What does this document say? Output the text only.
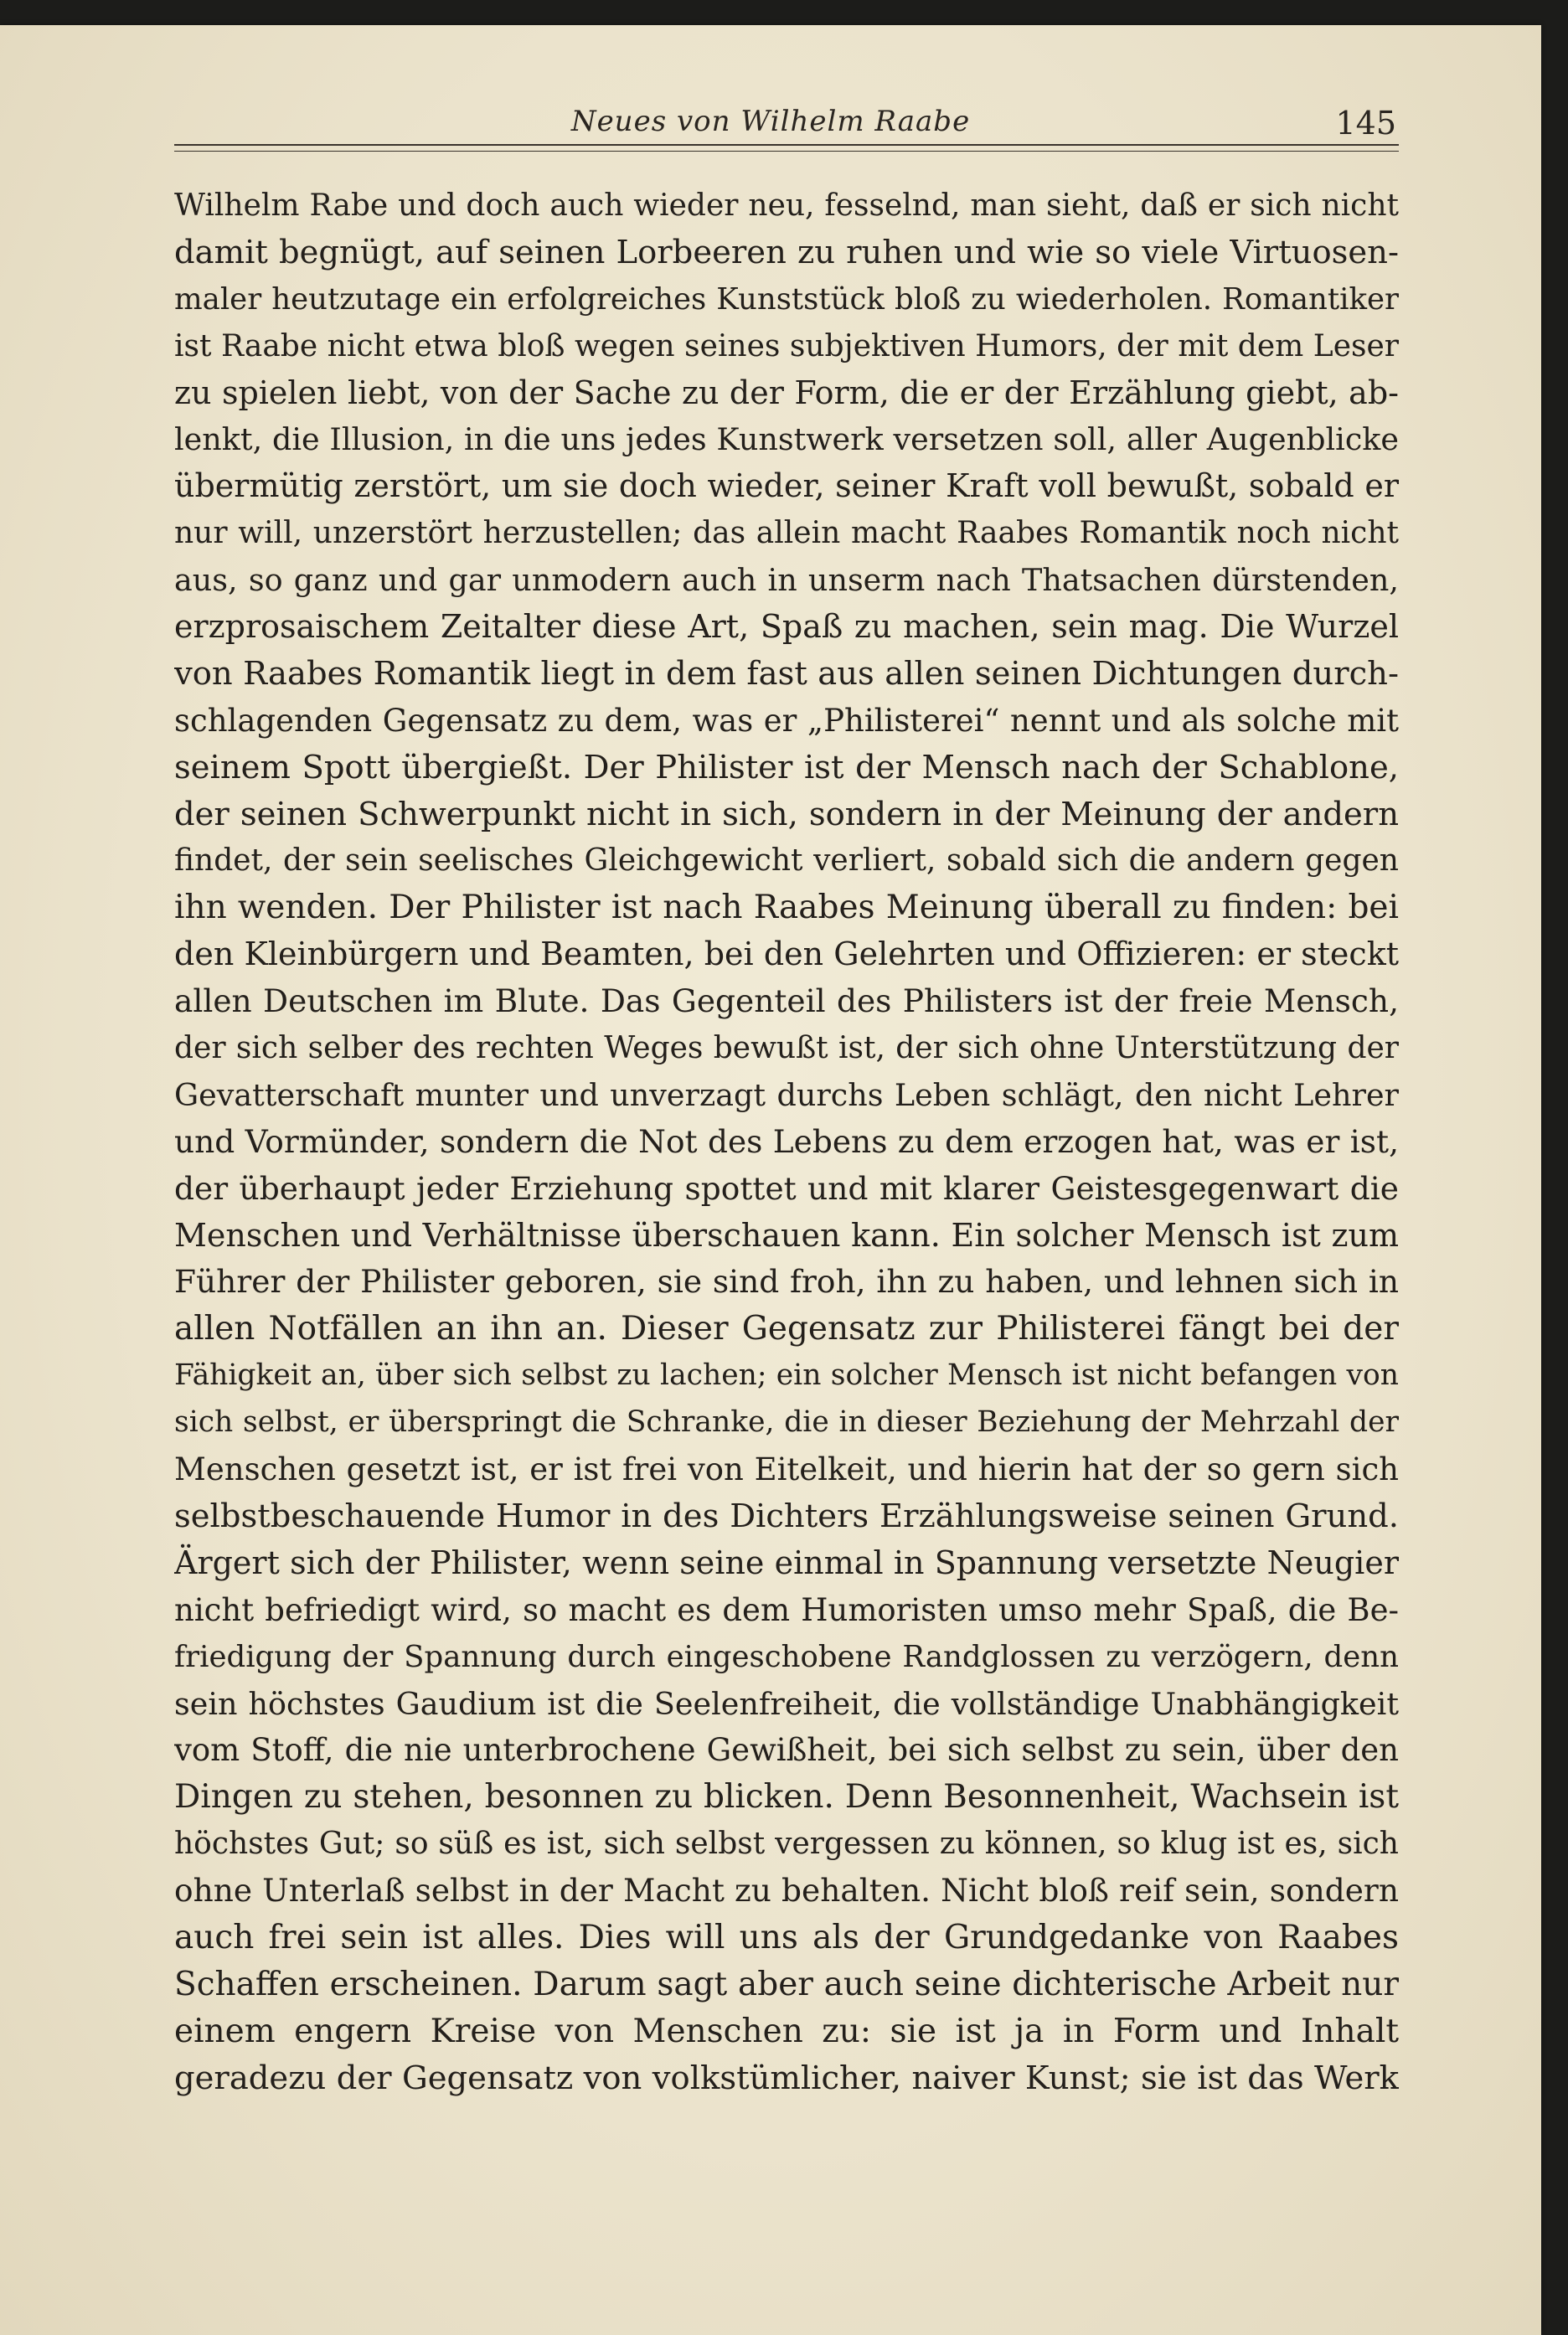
Neues von Wilhelm Raabe	145
Wilhelm Rabe und doch auch wieder neu, fesselnd, man sieht, daß er sich nicht
damit begnügt, auf seinen Lorbeeren zu ruhen und wie so viele Virtuosen-
maler heutzutage ein erfolgreiches Kunststück bloß zu wiederholen. Romantiker
ist Raabe nicht etwa bloß wegen seines subjektiven Humors, der mit dem Leser
zu spielen liebt, von der Sache zu der Form, die er der Erzählung giebt, ab-
lenkt, die Illusion, in die uns jedes Kunstwerk versetzen soll, aller Augenblicke
übermütig zerstört, um sie doch wieder, seiner Kraft voll bewußt, sobald er
nur will, unzerstört herzustellen; das allein macht Raabes Romantik noch nicht
aus, so ganz und gar unmodern auch in unserm nach Thatsachen dürstenden,
erzprosaischem Zeitalter diese Art, Spaß zu machen, sein mag. Die Wurzel
von Raabes Romantik liegt in dem fast aus allen seinen Dichtungen durch-
schlagenden Gegensatz zu dem, was er „Philisterei“ nennt und als solche mit
seinem Spott übergießt. Der Philister ist der Mensch nach der Schablone,
der seinen Schwerpunkt nicht in sich, sondern in der Meinung der andern
findet, der sein seelisches Gleichgewicht verliert, sobald sich die andern gegen
ihn wenden. Der Philister ist nach Raabes Meinung überall zu finden: bei
den Kleinbürgern und Beamten, bei den Gelehrten und Offizieren: er steckt
allen Deutschen im Blute. Das Gegenteil des Philisters ist der freie Mensch,
der sich selber des rechten Weges bewußt ist, der sich ohne Unterstützung der
Gevatterschaft munter und unverzagt durchs Leben schlägt, den nicht Lehrer
und Vormünder, sondern die Not des Lebens zu dem erzogen hat, was er ist,
der überhaupt jeder Erziehung spottet und mit klarer Geistesgegenwart die
Menschen und Verhältnisse überschauen kann. Ein solcher Mensch ist zum
Führer der Philister geboren, sie sind froh, ihn zu haben, und lehnen sich in
allen Notfällen an ihn an. Dieser Gegensatz zur Philisterei fängt bei der
Fähigkeit an, über sich selbst zu lachen; ein solcher Mensch ist nicht befangen von
sich selbst, er überspringt die Schranke, die in dieser Beziehung der Mehrzahl der
Menschen gesetzt ist, er ist frei von Eitelkeit, und hierin hat der so gern sich
selbstbeschauende Humor in des Dichters Erzählungsweise seinen Grund.
Ärgert sich der Philister, wenn seine einmal in Spannung versetzte Neugier
nicht befriedigt wird, so macht es dem Humoristen umso mehr Spaß, die Be-
friedigung der Spannung durch eingeschobene Randglossen zu verzögern, denn
sein höchstes Gaudium ist die Seelenfreiheit, die vollständige Unabhängigkeit
vom Stoff, die nie unterbrochene Gewißheit, bei sich selbst zu sein, über den
Dingen zu stehen, besonnen zu blicken. Denn Besonnenheit, Wachsein ist
höchstes Gut; so süß es ist, sich selbst vergessen zu können, so klug ist es, sich
ohne Unterlaß selbst in der Macht zu behalten. Nicht bloß reif sein, sondern
auch frei sein ist alles. Dies will uns als der Grundgedanke von Raabes
Schaffen erscheinen. Darum sagt aber auch seine dichterische Arbeit nur
einem engern Kreise von Menschen zu: sie ist ja in Form und Inhalt
geradezu der Gegensatz von volkstümlicher, naiver Kunst; sie ist das Werk
